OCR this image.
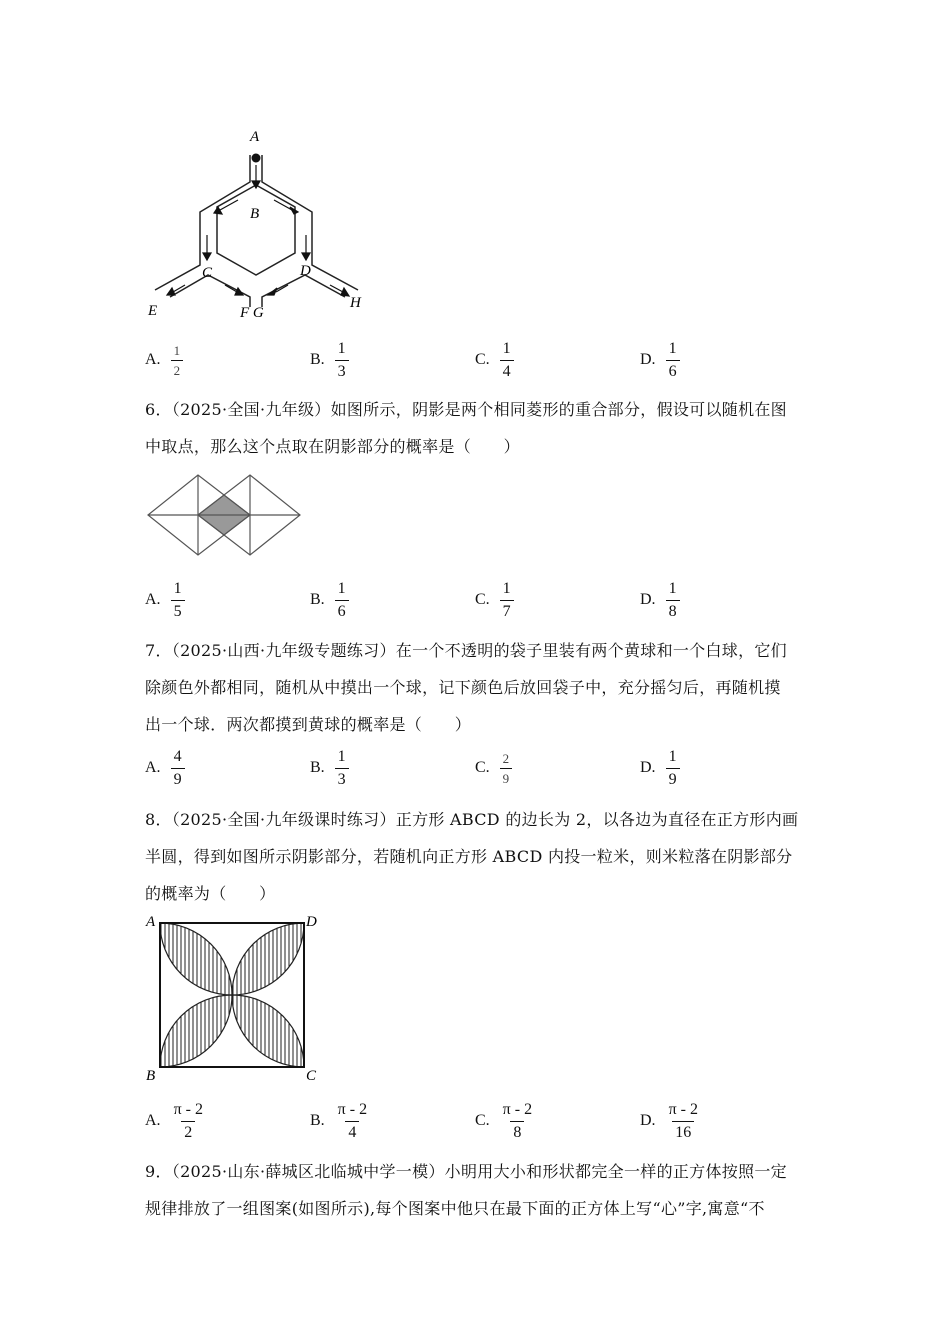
A
B
C	D
E	F G
H
A. $\frac{1}{2}$	B. $\frac{1}{3}$	C. $\frac{1}{4}$	D. $\frac{1}{6}$
6．（2025·全国·九年级）如图所示，阴影是两个相同菱形的重合部分，假设可以随机在图
中取点，那么这个点取在阴影部分的概率是（　　）
A. $\frac{1}{5}$	B. $\frac{1}{6}$	C. $\frac{1}{7}$	D. $\frac{1}{8}$
7．（2025·山西·九年级专题练习）在一个不透明的袋子里装有两个黄球和一个白球，它们
除颜色外都相同，随机从中摸出一个球，记下颜色后放回袋子中，充分摇匀后，再随机摸
出一个球．两次都摸到黄球的概率是（　　）
A. $\frac{4}{9}$	B. $\frac{1}{3}$	C. $\frac{2}{9}$	D. $\frac{1}{9}$
8．（2025·全国·九年级课时练习）正方形 ABCD 的边长为 2，以各边为直径在正方形内画
半圆，得到如图所示阴影部分，若随机向正方形 ABCD 内投一粒米，则米粒落在阴影部分
的概率为（　　）
A	D
B	C
A. $\frac{\pi - 2}{2}$	B. $\frac{\pi - 2}{4}$	C. $\frac{\pi - 2}{8}$	D. $\frac{\pi - 2}{16}$
9．（2025·山东·薛城区北临城中学一模）小明用大小和形状都完全一样的正方体按照一定
规律排放了一组图案(如图所示),每个图案中他只在最下面的正方体上写“心”字,寓意“不
